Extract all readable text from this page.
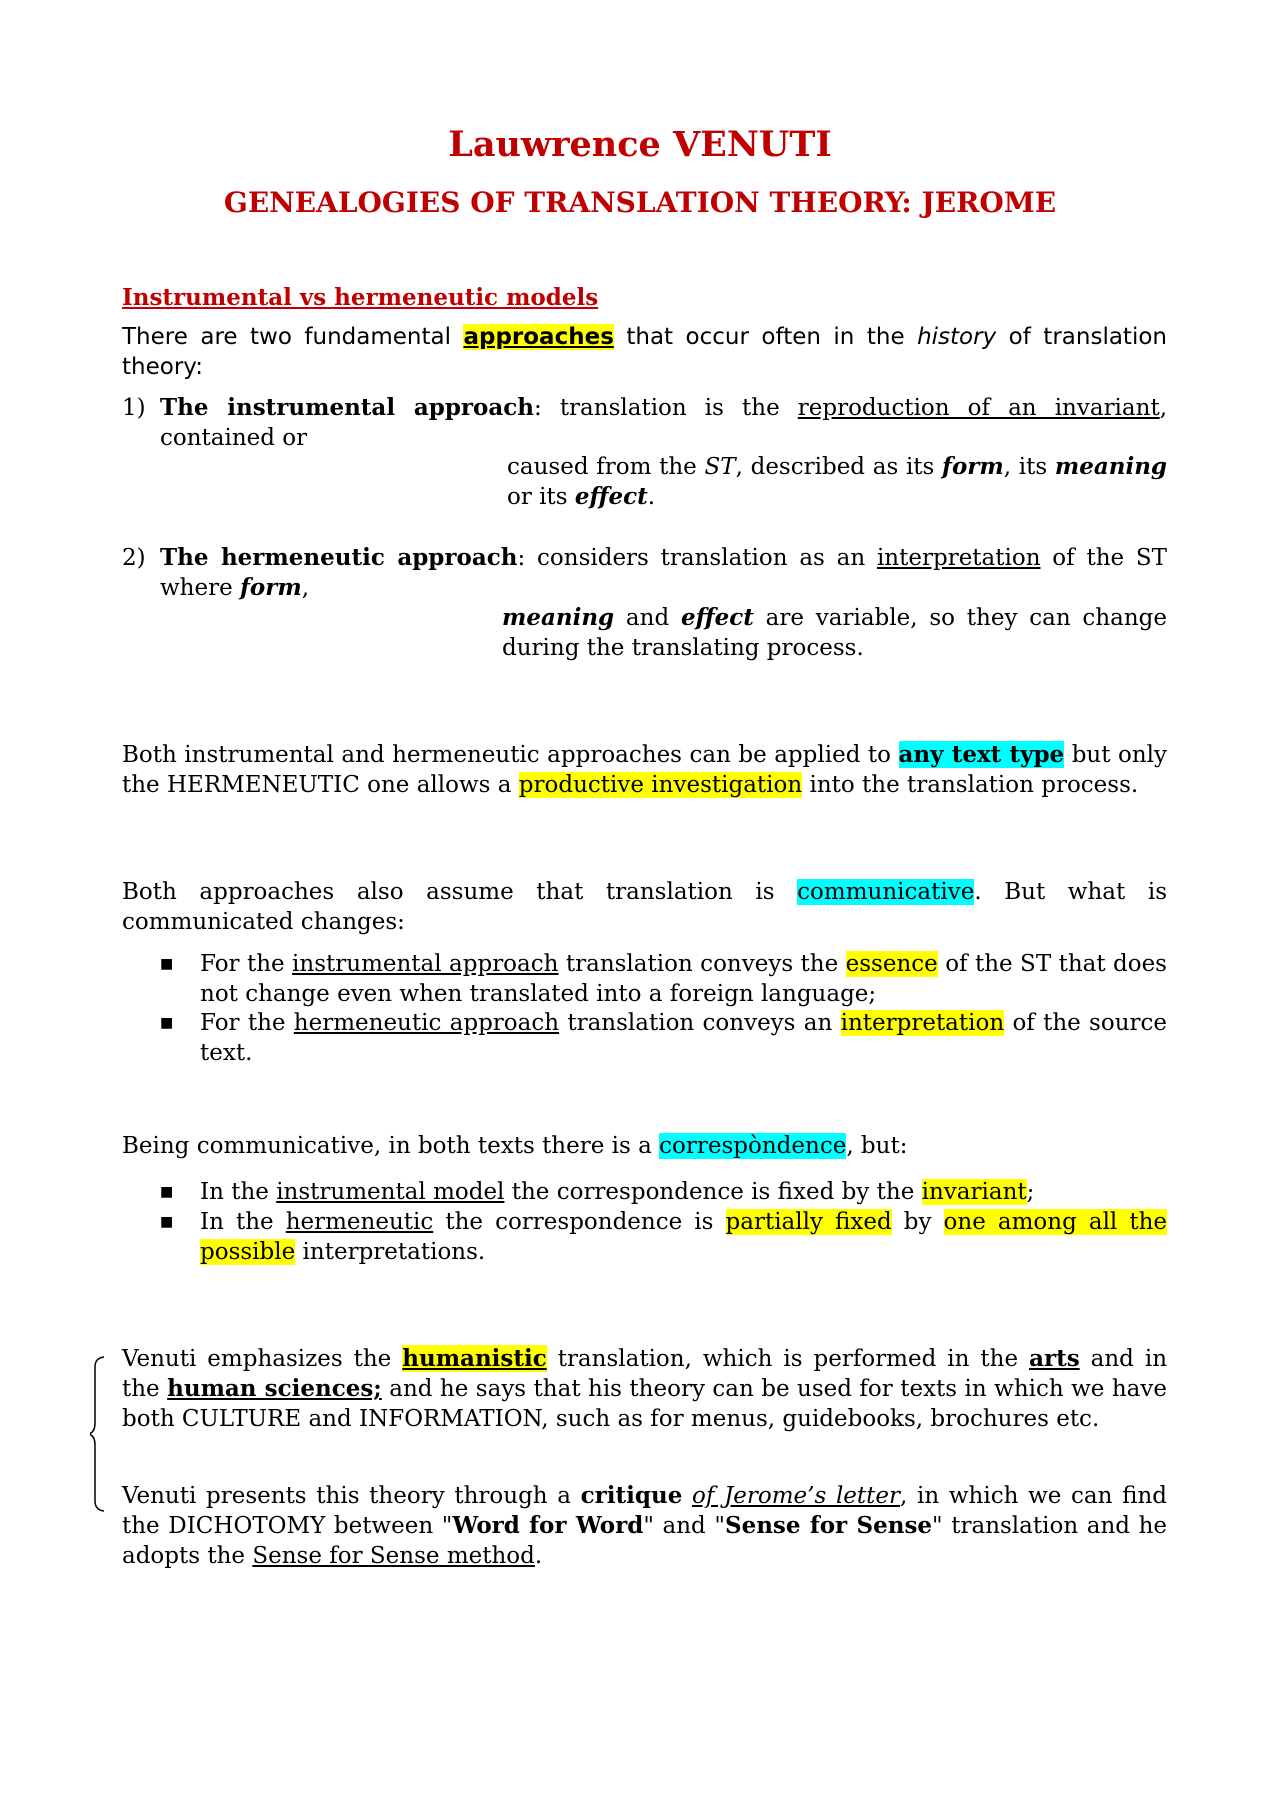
Lauwrence VENUTI
GENEALOGIES OF TRANSLATION THEORY: JEROME
Instrumental vs hermeneutic models
There are two fundamental approaches that occur often in the history of translation theory:
1) The instrumental approach: translation is the reproduction of an invariant, contained or
caused from the ST, described as its form, its meaning or its effect.
2) The hermeneutic approach: considers translation as an interpretation of the ST where form,
meaning and effect are variable, so they can change during the translating process.
Both instrumental and hermeneutic approaches can be applied to any text type but only the HERMENEUTIC one allows a productive investigation into the translation process.
Both approaches also assume that translation is communicative. But what is communicated changes:
■ For the instrumental approach translation conveys the essence of the ST that does not change even when translated into a foreign language;
■ For the hermeneutic approach translation conveys an interpretation of the source text.
Being communicative, in both texts there is a correspòndence, but:
■ In the instrumental model the correspondence is fixed by the invariant;
■ In the hermeneutic the correspondence is partially fixed by one among all the possible interpretations.
Venuti emphasizes the humanistic translation, which is performed in the arts and in the human sciences; and he says that his theory can be used for texts in which we have both CULTURE and INFORMATION, such as for menus, guidebooks, brochures etc.
Venuti presents this theory through a critique of Jerome’s letter, in which we can find the DICHOTOMY between "Word for Word" and "Sense for Sense" translation and he adopts the Sense for Sense method.
